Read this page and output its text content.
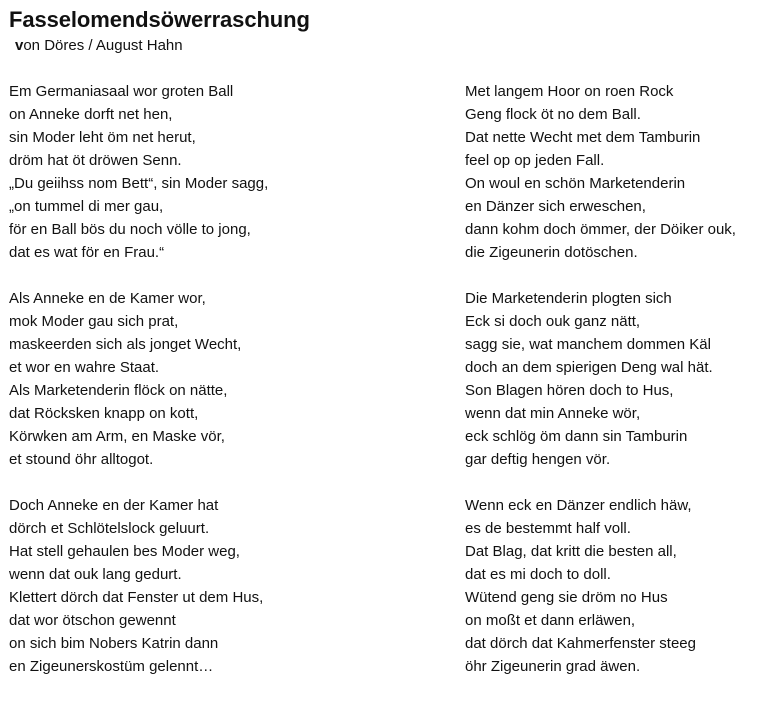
Fasselomendsöwerraschung
von Döres / August Hahn
Em Germaniasaal wor groten Ball
on Anneke dorft net hen,
sin Moder leht öm net herut,
dröm hat öt dröwen Senn.
„Du geiihss nom Bett“, sin Moder sagg,
„on tummel di mer gau,
för en Ball bös du noch völle to jong,
dat es wat för en Frau.“
Als Anneke en de Kamer wor,
mok Moder gau sich prat,
maskeerden sich als jonget Wecht,
et wor en wahre Staat.
Als Marketenderin flöck on nätte,
dat Röcksken knapp on kott,
Körwken am Arm, en Maske vör,
et stound öhr alltogot.
Doch Anneke en der Kamer hat
dörch et Schlötelslock geluurt.
Hat stell gehaulen bes Moder weg,
wenn dat ouk lang gedurt.
Klettert dörch dat Fenster ut dem Hus,
dat wor ötschon gewennt
on sich bim Nobers Katrin dann
en Zigeunerskostüm gelennt…
Met langem Hoor on roen Rock
Geng flock öt no dem Ball.
Dat nette Wecht met dem Tamburin
feel op op jeden Fall.
On woul en schön Marketenderin
en Dänzer sich erweschen,
dann kohm doch ömmer, der Döiker ouk,
die Zigeunerin dotöschen.
Die Marketenderin plogten sich
Eck si doch ouk ganz nätt,
sagg sie, wat manchem dommen Käl
doch an dem spierigen Deng wal hät.
Son Blagen hören doch to Hus,
wenn dat min Anneke wör,
eck schlög öm dann sin Tamburin
gar deftig hengen vör.
Wenn eck en Dänzer endlich häw,
es de bestemmt half voll.
Dat Blag, dat kritt die besten all,
dat es mi doch to doll.
Wütend geng sie dröm no Hus
on moßt et dann erläwen,
dat dörch dat Kahmerfenster steeg
öhr Zigeunerin grad äwen.
